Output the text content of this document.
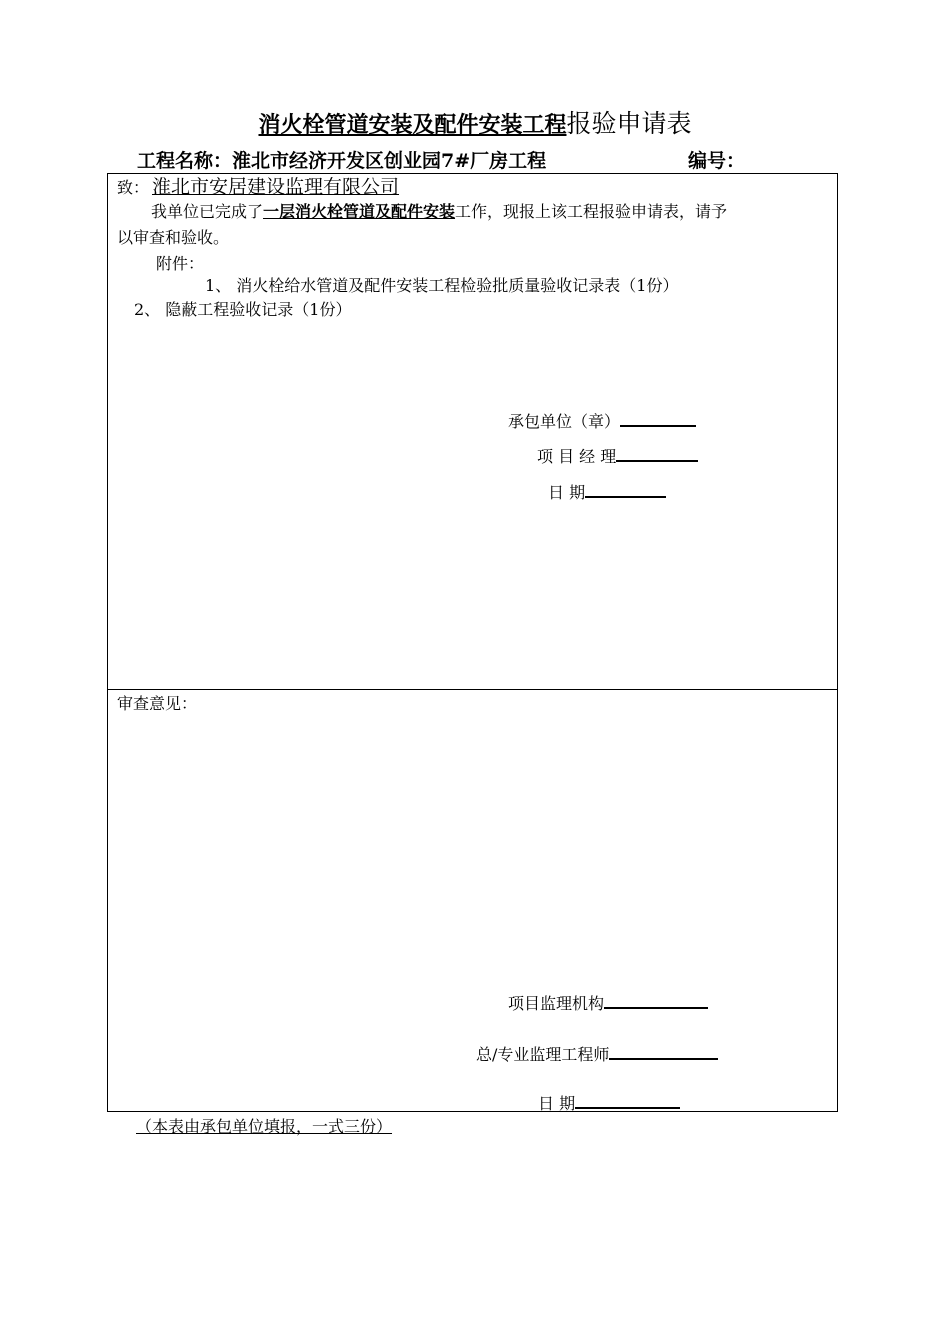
消火栓管道安装及配件安装工程报验申请表
工程名称：淮北市经济开发区创业园7#厂房工程	编号：
致： 淮北市安居建设监理有限公司
我单位已完成了一层消火栓管道及配件安装工作，现报上该工程报验申请表，请予
以审查和验收。
附件：
1、 消火栓给水管道及配件安装工程检验批质量验收记录表（1份）
2、 隐蔽工程验收记录（1份）
承包单位（章）
项 目 经 理
日 期
审查意见：
项目监理机构
总/专业监理工程师
日 期
（本表由承包单位填报，一式三份）
